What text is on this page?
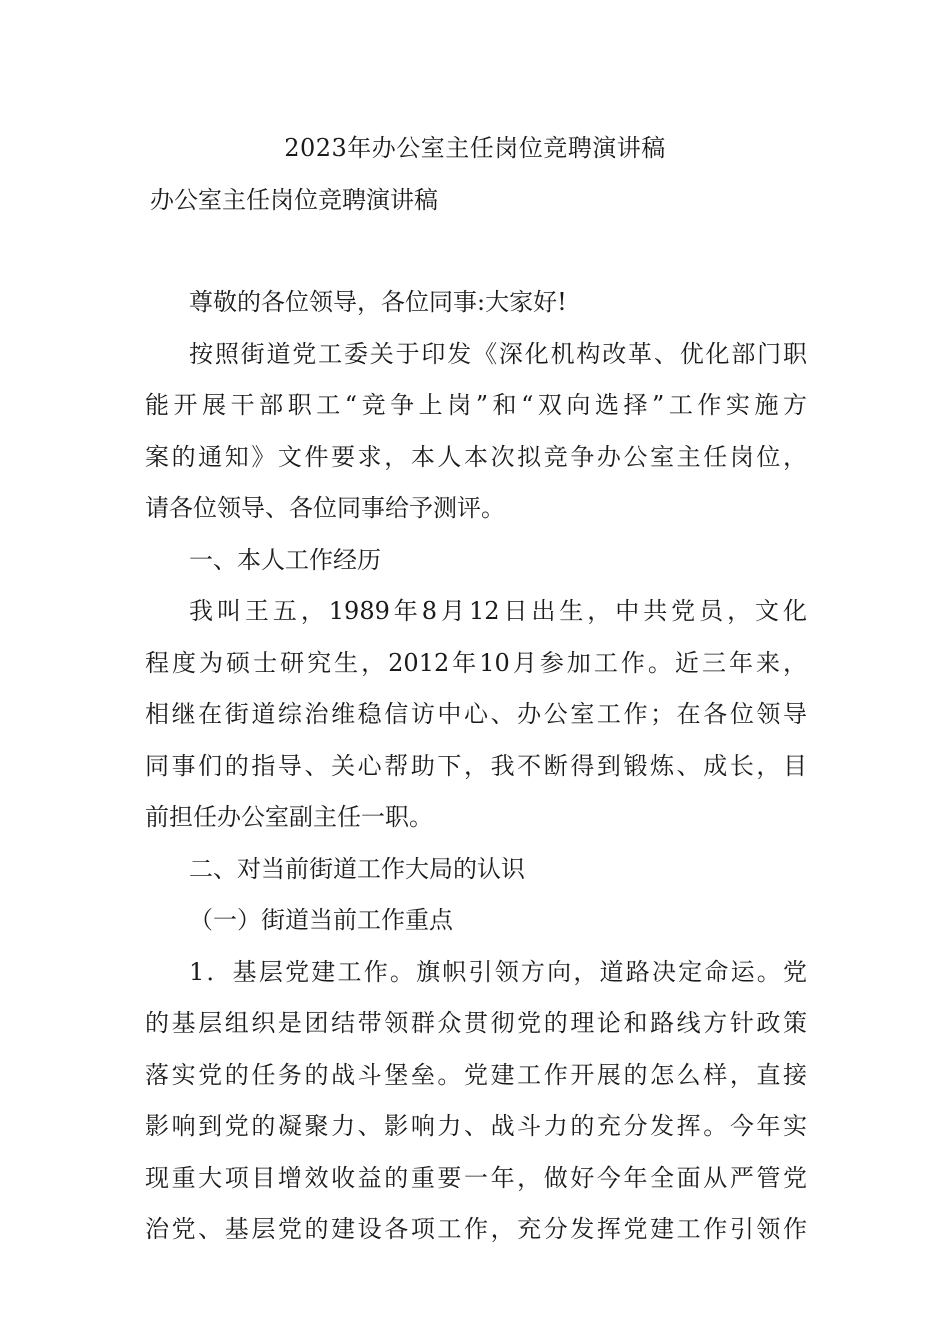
2023年办公室主任岗位竞聘演讲稿
办公室主任岗位竞聘演讲稿
尊敬的各位领导，各位同事:大家好!
按照街道党工委关于印发《深化机构改革、优化部门职
能开展干部职工“竞争上岗”和“双向选择”工作实施方
案的通知》文件要求，本人本次拟竞争办公室主任岗位，
请各位领导、各位同事给予测评。
一、本人工作经历
我叫王五，1989年8月12日出生，中共党员，文化
程度为硕士研究生，2012年10月参加工作。近三年来，
相继在街道综治维稳信访中心、办公室工作；在各位领导
同事们的指导、关心帮助下，我不断得到锻炼、成长，目
前担任办公室副主任一职。
二、对当前街道工作大局的认识
（一）街道当前工作重点
1．基层党建工作。旗帜引领方向，道路决定命运。党
的基层组织是团结带领群众贯彻党的理论和路线方针政策
落实党的任务的战斗堡垒。党建工作开展的怎么样，直接
影响到党的凝聚力、影响力、战斗力的充分发挥。今年实
现重大项目增效收益的重要一年，做好今年全面从严管党
治党、基层党的建设各项工作，充分发挥党建工作引领作
